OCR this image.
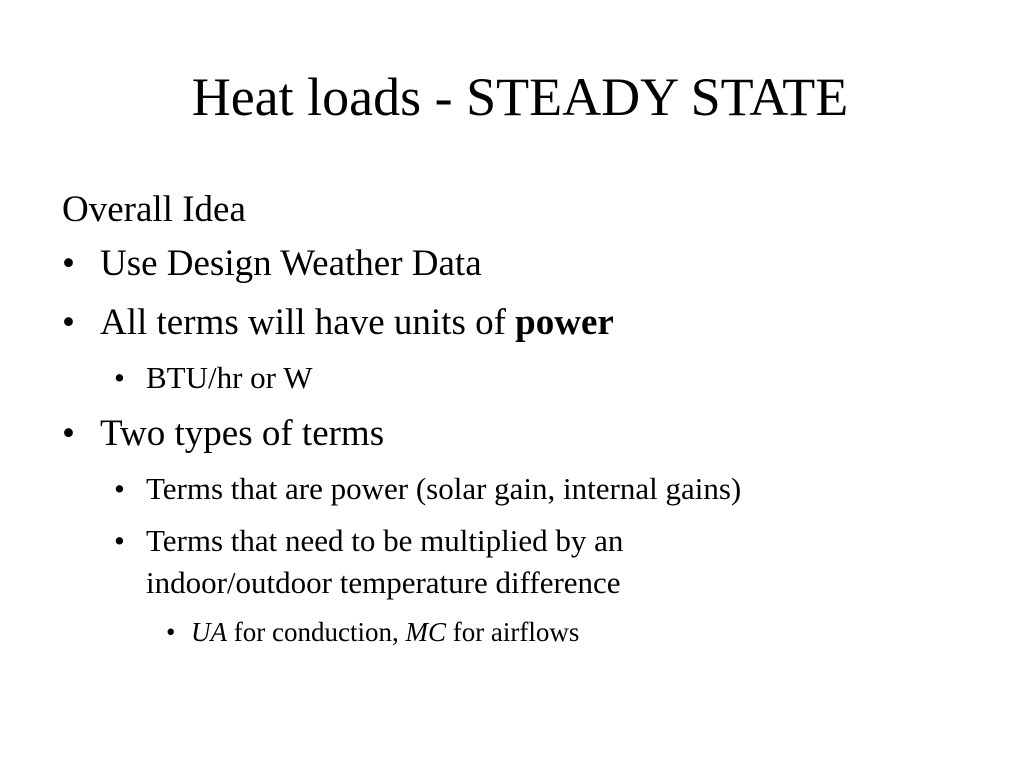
Heat loads - STEADY STATE
Overall Idea
• Use Design Weather Data
• All terms will have units of power
• BTU/hr or W
• Two types of terms
• Terms that are power (solar gain, internal gains)
• Terms that need to be multiplied by an
indoor/outdoor temperature difference
• UA for conduction, MC for airflows
